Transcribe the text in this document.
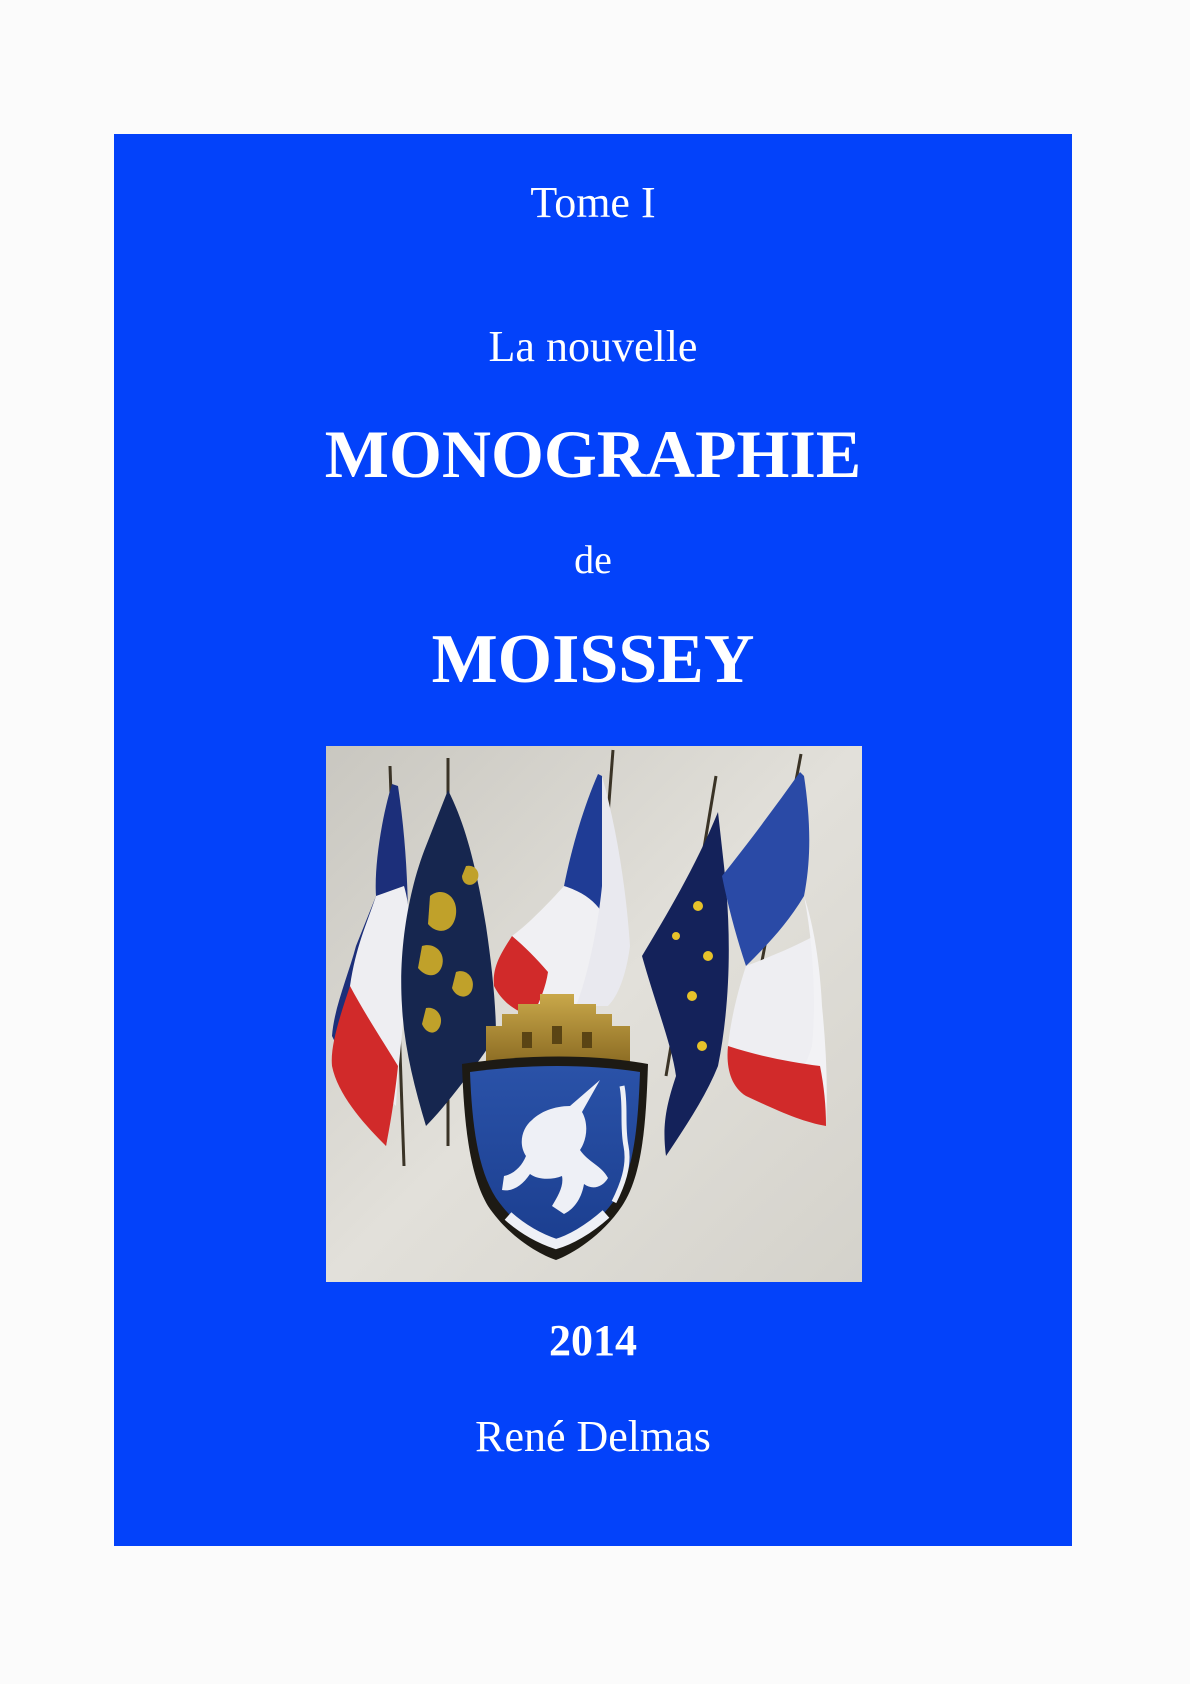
Tome I
La nouvelle
MONOGRAPHIE
de
MOISSEY
2014
René Delmas
